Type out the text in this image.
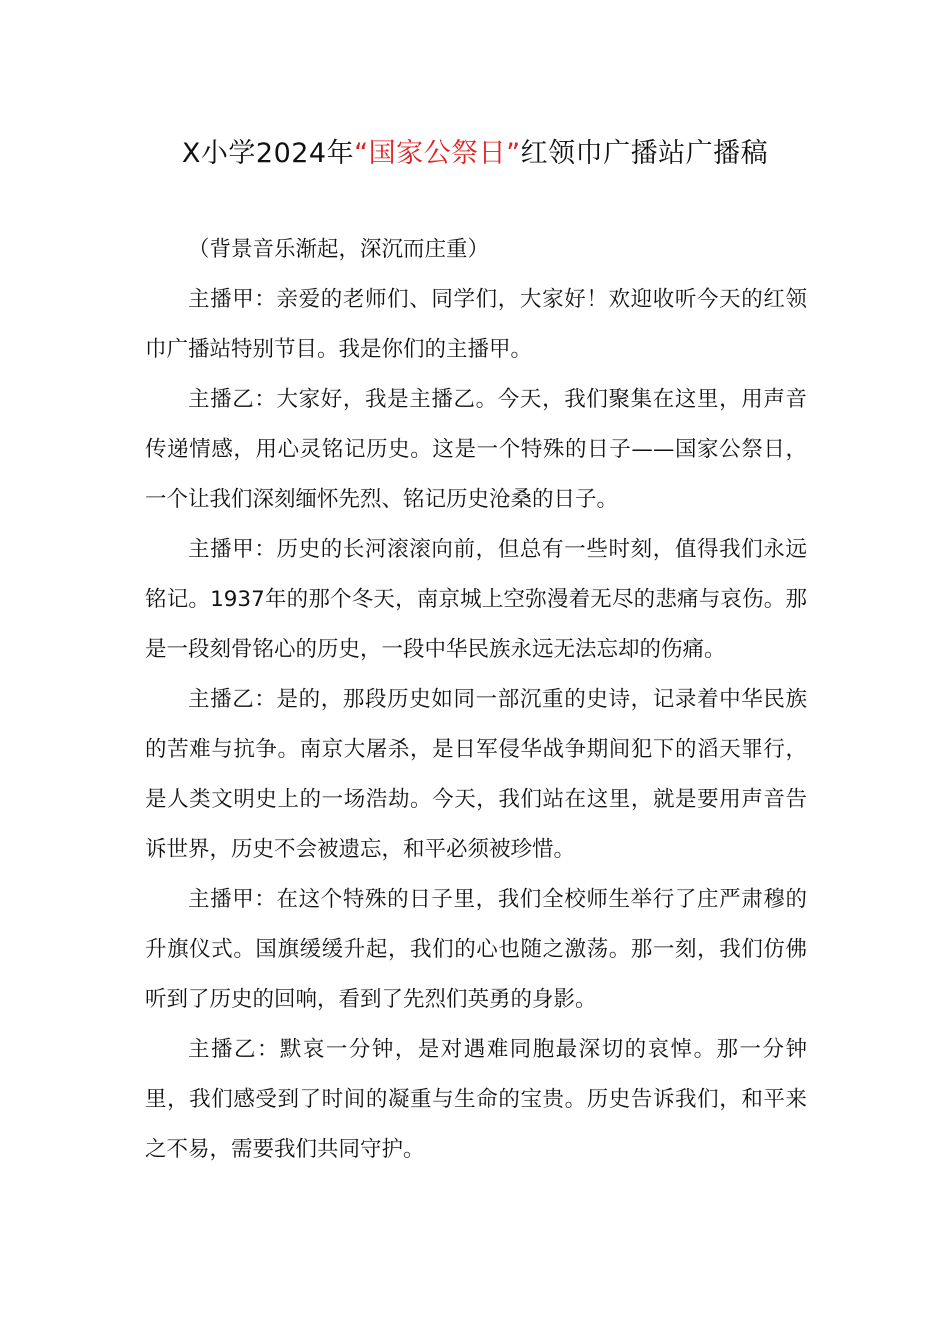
X小学2024年“国家公祭日”红领巾广播站广播稿

（背景音乐渐起，深沉而庄重）

主播甲：亲爱的老师们、同学们，大家好！欢迎收听今天的红领巾广播站特别节目。我是你们的主播甲。

主播乙：大家好，我是主播乙。今天，我们聚集在这里，用声音传递情感，用心灵铭记历史。这是一个特殊的日子——国家公祭日，一个让我们深刻缅怀先烈、铭记历史沧桑的日子。

主播甲：历史的长河滚滚向前，但总有一些时刻，值得我们永远铭记。1937年的那个冬天，南京城上空弥漫着无尽的悲痛与哀伤。那是一段刻骨铭心的历史，一段中华民族永远无法忘却的伤痛。

主播乙：是的，那段历史如同一部沉重的史诗，记录着中华民族的苦难与抗争。南京大屠杀，是日军侵华战争期间犯下的滔天罪行，是人类文明史上的一场浩劫。今天，我们站在这里，就是要用声音告诉世界，历史不会被遗忘，和平必须被珍惜。

主播甲：在这个特殊的日子里，我们全校师生举行了庄严肃穆的升旗仪式。国旗缓缓升起，我们的心也随之激荡。那一刻，我们仿佛听到了历史的回响，看到了先烈们英勇的身影。

主播乙：默哀一分钟，是对遇难同胞最深切的哀悼。那一分钟里，我们感受到了时间的凝重与生命的宝贵。历史告诉我们，和平来之不易，需要我们共同守护。
